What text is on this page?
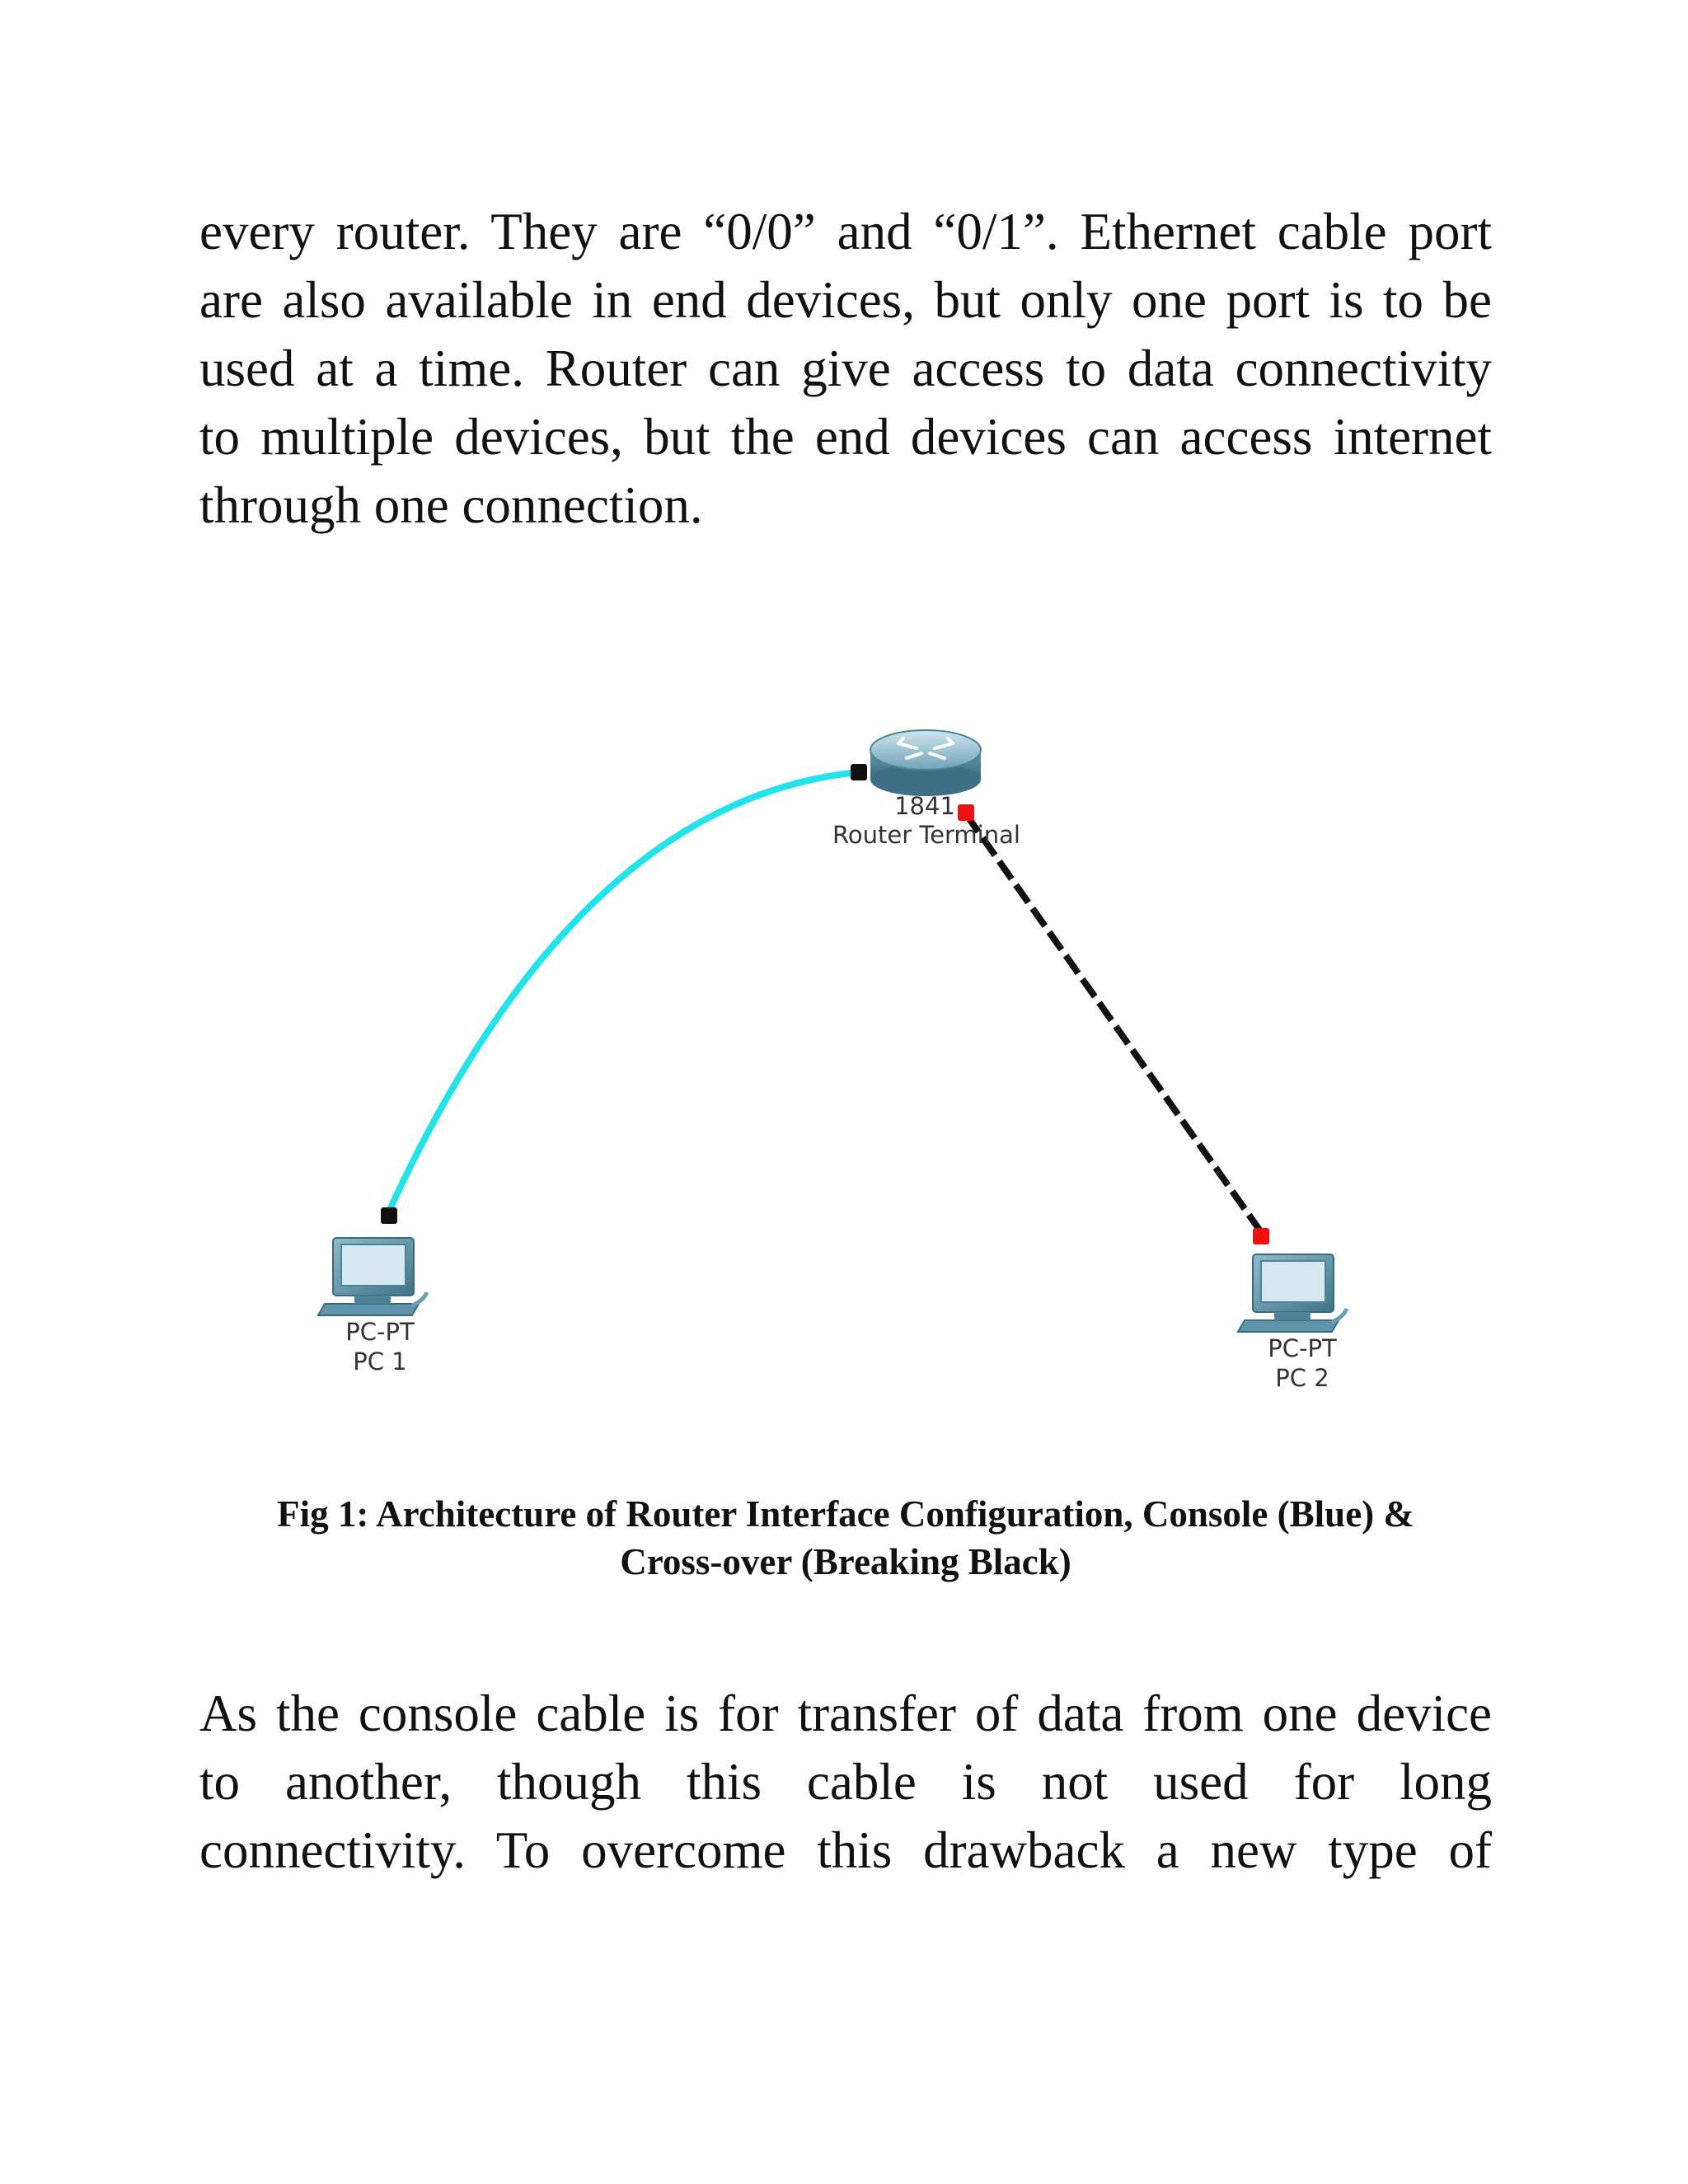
every router. They are “0/0” and “0/1”. Ethernet cable port
are also available in end devices, but only one port is to be
used at a time. Router can give access to data connectivity
to multiple devices, but the end devices can access internet
through one connection.
1841
Router Terminal
PC-PT
PC 1	PC-PT
PC 2

Fig 1: Architecture of Router Interface Configuration, Console (Blue) &
Cross-over (Breaking Black)

As the console cable is for transfer of data from one device
to another, though this cable is not used for long
connectivity. To overcome this drawback a new type of
